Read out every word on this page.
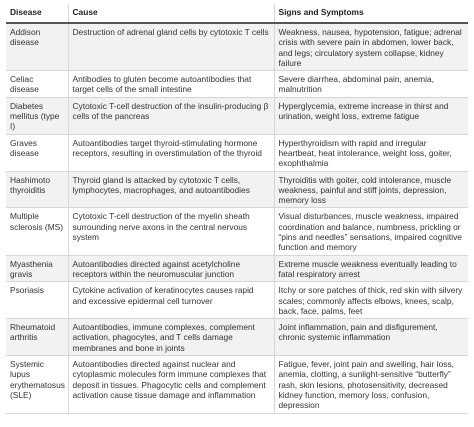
Disease	Cause	Signs and Symptoms
Addison disease	Destruction of adrenal gland cells by cytotoxic T cells	Weakness, nausea, hypotension, fatigue; adrenal crisis with severe pain in abdomen, lower back, and legs; circulatory system collapse, kidney failure
Celiac disease	Antibodies to gluten become autoantibodies that target cells of the small intestine	Severe diarrhea, abdominal pain, anemia, malnutrition
Diabetes mellitus (type I)	Cytotoxic T-cell destruction of the insulin-producing β cells of the pancreas	Hyperglycemia, extreme increase in thirst and urination, weight loss, extreme fatigue
Graves disease	Autoantibodies target thyroid-stimulating hormone receptors, resulting in overstimulation of the thyroid	Hyperthyroidism with rapid and irregular heartbeat, heat intolerance, weight loss, goiter, exophthalmia
Hashimoto thyroiditis	Thyroid gland is attacked by cytotoxic T cells, lymphocytes, macrophages, and autoantibodies	Thyroiditis with goiter, cold intolerance, muscle weakness, painful and stiff joints, depression, memory loss
Multiple sclerosis (MS)	Cytotoxic T-cell destruction of the myelin sheath surrounding nerve axons in the central nervous system	Visual disturbances, muscle weakness, impaired coordination and balance, numbness, prickling or “pins and needles” sensations, impaired cognitive function and memory
Myasthenia gravis	Autoantibodies directed against acetylcholine receptors within the neuromuscular junction	Extreme muscle weakness eventually leading to fatal respiratory arrest
Psoriasis	Cytokine activation of keratinocytes causes rapid and excessive epidermal cell turnover	Itchy or sore patches of thick, red skin with silvery scales; commonly affects elbows, knees, scalp, back, face, palms, feet
Rheumatoid arthritis	Autoantibodies, immune complexes, complement activation, phagocytes, and T cells damage membranes and bone in joints	Joint inflammation, pain and disfigurement, chronic systemic inflammation
Systemic lupus erythematosus (SLE)	Autoantibodies directed against nuclear and cytoplasmic molecules form immune complexes that deposit in tissues. Phagocytic cells and complement activation cause tissue damage and inflammation	Fatigue, fever, joint pain and swelling, hair loss, anemia, clotting, a sunlight-sensitive “butterfly” rash, skin lesions, photosensitivity, decreased kidney function, memory loss, confusion, depression
